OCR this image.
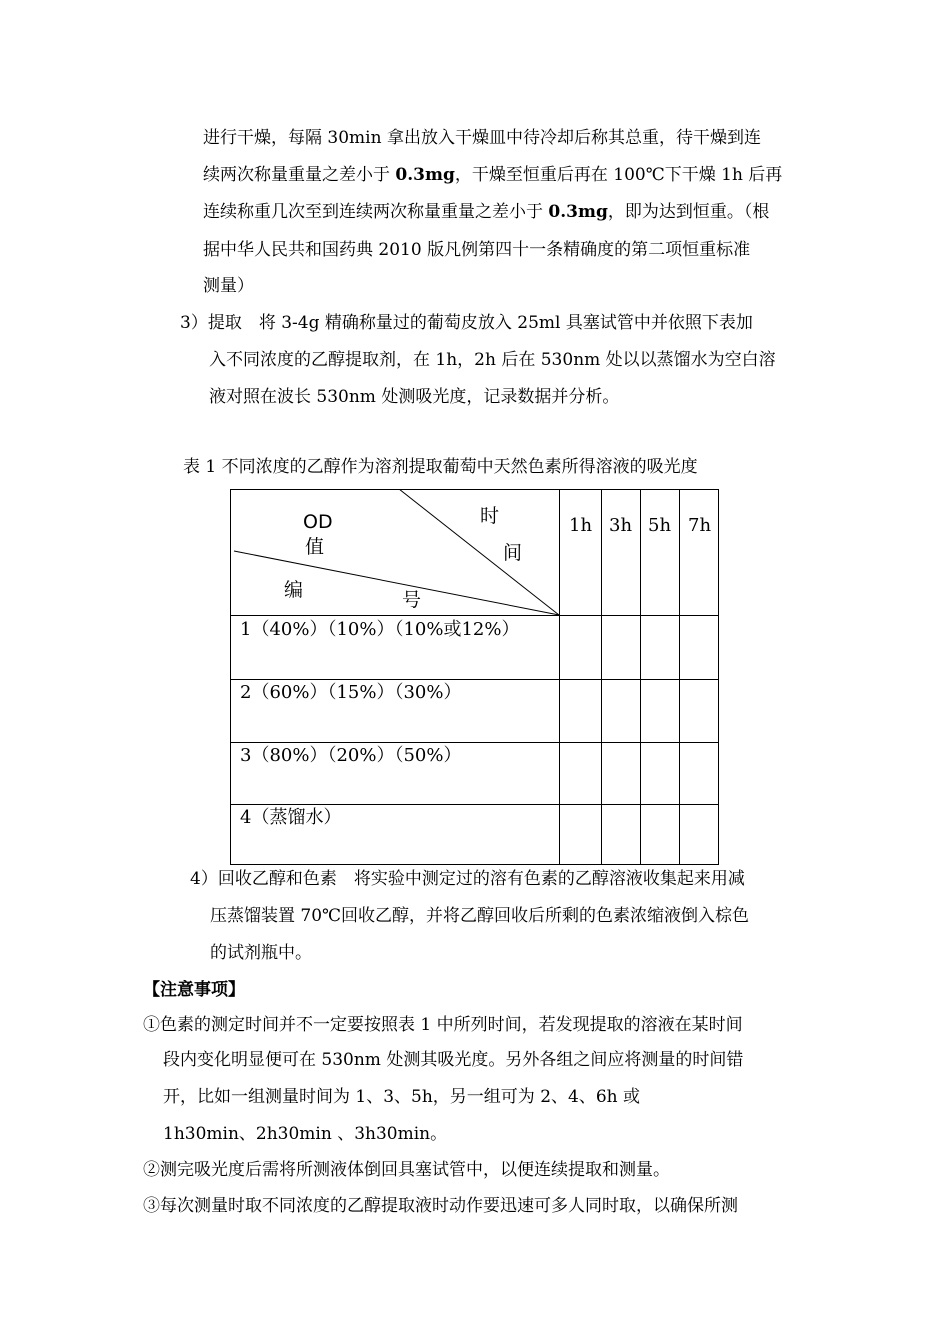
进行干燥，每隔 30min 拿出放入干燥皿中待冷却后称其总重，待干燥到连

续两次称量重量之差小于 0.3mg，干燥至恒重后再在 100℃下干燥 1h 后再

连续称重几次至到连续两次称量重量之差小于 0.3mg，即为达到恒重。（根

据中华人民共和国药典 2010 版凡例第四十一条精确度的第二项恒重标准

测量）

3）提取　将 3-4g 精确称量过的葡萄皮放入 25ml 具塞试管中并依照下表加

入不同浓度的乙醇提取剂，在 1h，2h 后在 530nm 处以以蒸馏水为空白溶

液对照在波长 530nm 处测吸光度，记录数据并分析。

表 1 不同浓度的乙醇作为溶剂提取葡萄中天然色素所得溶液的吸光度

OD
值
时
间
编	号
1h 3h 5h 7h
1（40%）（10%）（10%或12%）
2（60%）（15%）（30%）
3（80%）（20%）（50%）
4（蒸馏水）

4）回收乙醇和色素　将实验中测定过的溶有色素的乙醇溶液收集起来用减

压蒸馏装置 70℃回收乙醇，并将乙醇回收后所剩的色素浓缩液倒入棕色

的试剂瓶中。

【注意事项】

①色素的测定时间并不一定要按照表 1 中所列时间，若发现提取的溶液在某时间

段内变化明显便可在 530nm 处测其吸光度。另外各组之间应将测量的时间错

开，比如一组测量时间为 1、3、5h，另一组可为 2、4、6h 或

1h30min、2h30min 、3h30min。

②测完吸光度后需将所测液体倒回具塞试管中，以便连续提取和测量。

③每次测量时取不同浓度的乙醇提取液时动作要迅速可多人同时取，以确保所测
